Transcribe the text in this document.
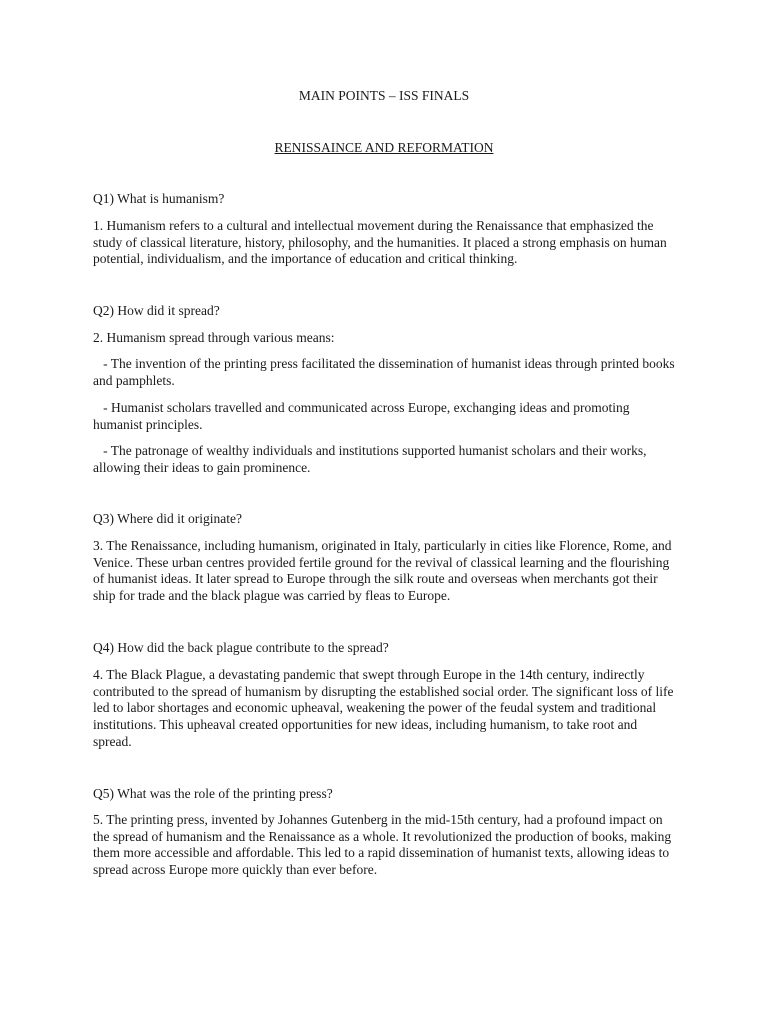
MAIN POINTS – ISS FINALS
RENISSAINCE AND REFORMATION

Q1) What is humanism?

1. Humanism refers to a cultural and intellectual movement during the Renaissance that emphasized the study of classical literature, history, philosophy, and the humanities. It placed a strong emphasis on human potential, individualism, and the importance of education and critical thinking.

Q2) How did it spread?

2. Humanism spread through various means:

- The invention of the printing press facilitated the dissemination of humanist ideas through printed books and pamphlets.

- Humanist scholars travelled and communicated across Europe, exchanging ideas and promoting humanist principles.

- The patronage of wealthy individuals and institutions supported humanist scholars and their works, allowing their ideas to gain prominence.

Q3) Where did it originate?

3. The Renaissance, including humanism, originated in Italy, particularly in cities like Florence, Rome, and Venice. These urban centres provided fertile ground for the revival of classical learning and the flourishing of humanist ideas. It later spread to Europe through the silk route and overseas when merchants got their ship for trade and the black plague was carried by fleas to Europe.

Q4) How did the back plague contribute to the spread?

4. The Black Plague, a devastating pandemic that swept through Europe in the 14th century, indirectly contributed to the spread of humanism by disrupting the established social order. The significant loss of life led to labor shortages and economic upheaval, weakening the power of the feudal system and traditional institutions. This upheaval created opportunities for new ideas, including humanism, to take root and spread.

Q5) What was the role of the printing press?

5. The printing press, invented by Johannes Gutenberg in the mid-15th century, had a profound impact on the spread of humanism and the Renaissance as a whole. It revolutionized the production of books, making them more accessible and affordable. This led to a rapid dissemination of humanist texts, allowing ideas to spread across Europe more quickly than ever before.
